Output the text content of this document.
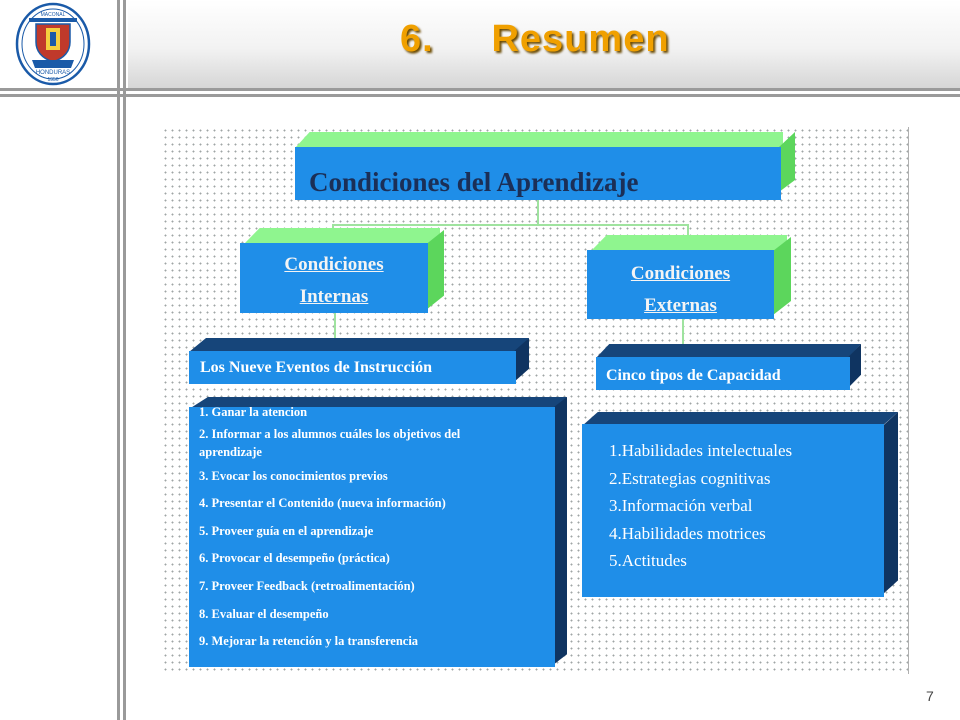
MACONAL
HONDURAS
1956
6.     Resumen
Condiciones del Aprendizaje
Condiciones
Internas
Condiciones
Externas
Los Nueve Eventos de Instrucción	Cinco tipos de Capacidad
1. Ganar la atencion
2. Informar a los alumnos cuáles los objetivos del
aprendizaje
3. Evocar los conocimientos previos
4. Presentar el Contenido (nueva información)
5. Proveer guía en el aprendizaje
6. Provocar el desempeño (práctica)
7. Proveer Feedback (retroalimentación)
8. Evaluar el desempeño
9. Mejorar la retención y la transferencia
1.Habilidades intelectuales
2.Estrategias cognitivas
3.Información verbal
4.Habilidades motrices
5.Actitudes
7
